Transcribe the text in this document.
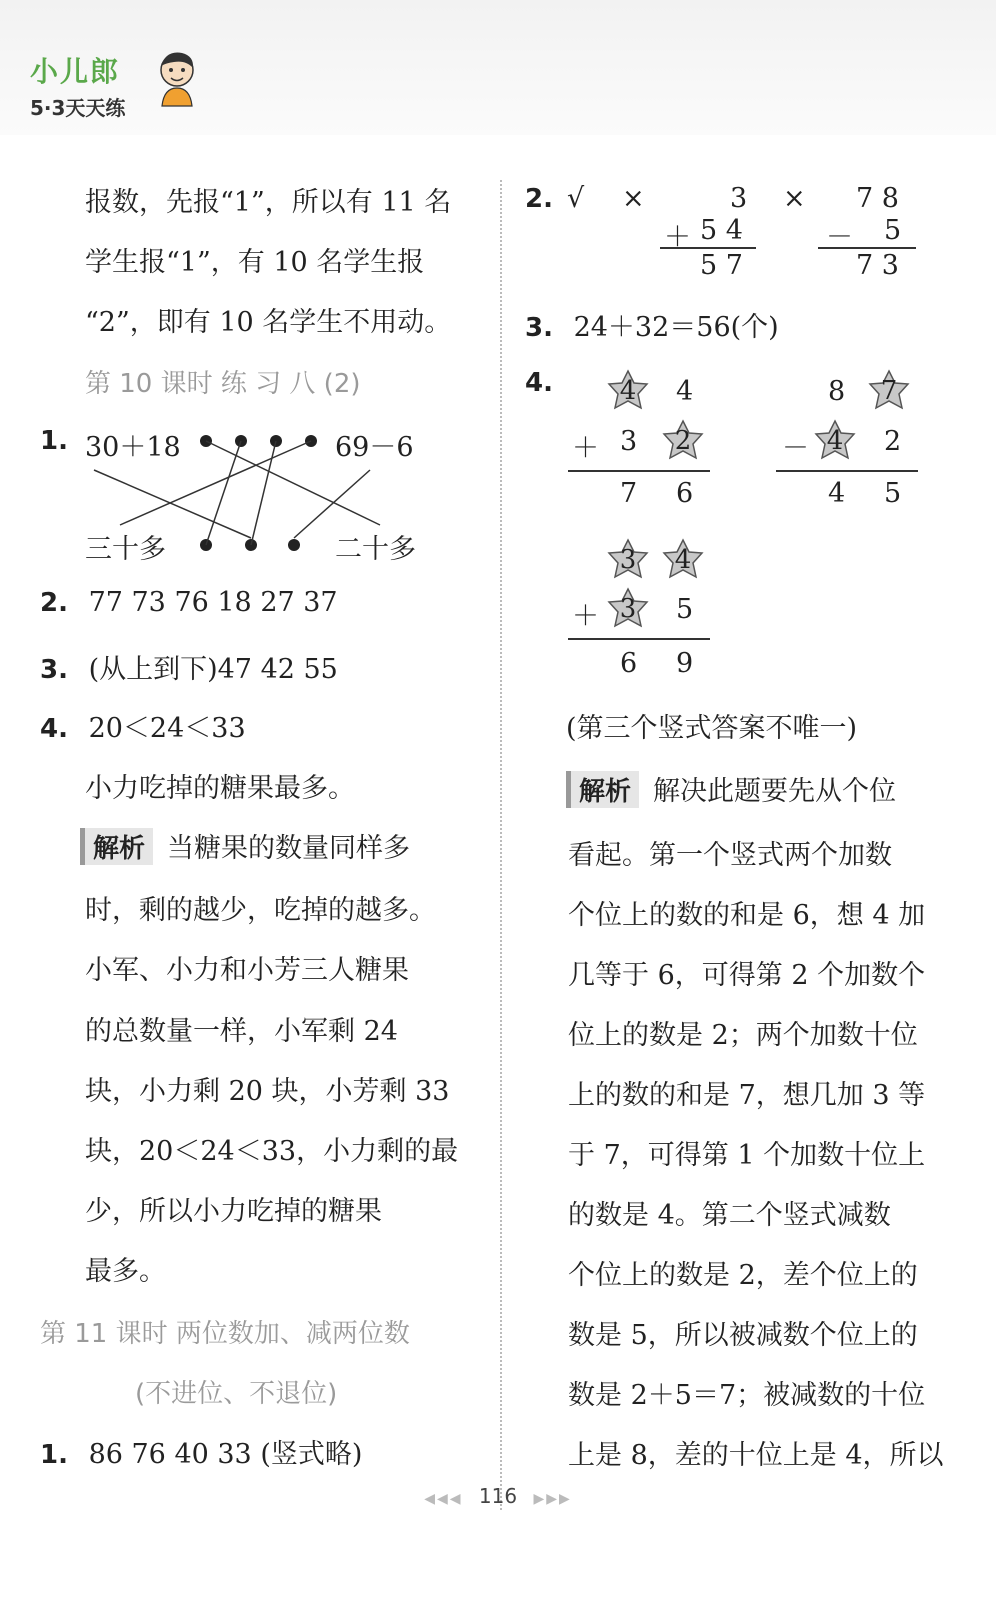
小儿郎
5·3天天练
报数，先报“1”，所以有 11 名
学生报“1”，有 10 名学生报
“2”，即有 10 名学生不用动。
第 10 课时 练 习 八 (2)
1. 30＋18	69－6
三十多	二十多
2. 77 73 76 18 27 37
3. (从上到下)47 42 55
4. 20＜24＜33
小力吃掉的糖果最多。
解析 当糖果的数量同样多
时，剩的越少，吃掉的越多。
小军、小力和小芳三人糖果
的总数量一样，小军剩 24
块，小力剩 20 块，小芳剩 33
块，20＜24＜33，小力剩的最
少，所以小力吃掉的糖果
最多。
第 11 课时 两位数加、减两位数
(不进位、不退位)
1. 86 76 40 33 (竖式略)
2. √ ×	3
＋ 5 4
5 7
× 7 8
－ 5
7 3
3. 24＋32＝56(个)
4.	4	4
＋ 3	2
7 6
8	7
－ 4	2
4 5
3	4
＋ 3	5
6 9
(第三个竖式答案不唯一)
解析 解决此题要先从个位
看起。第一个竖式两个加数
个位上的数的和是 6，想 4 加
几等于 6，可得第 2 个加数个
位上的数是 2；两个加数十位
上的数的和是 7，想几加 3 等
于 7，可得第 1 个加数十位上
的数是 4。第二个竖式减数
个位上的数是 2，差个位上的
数是 5，所以被减数个位上的
数是 2＋5＝7；被减数的十位
上是 8，差的十位上是 4，所以
◀◀◀ 116 ▶▶▶
